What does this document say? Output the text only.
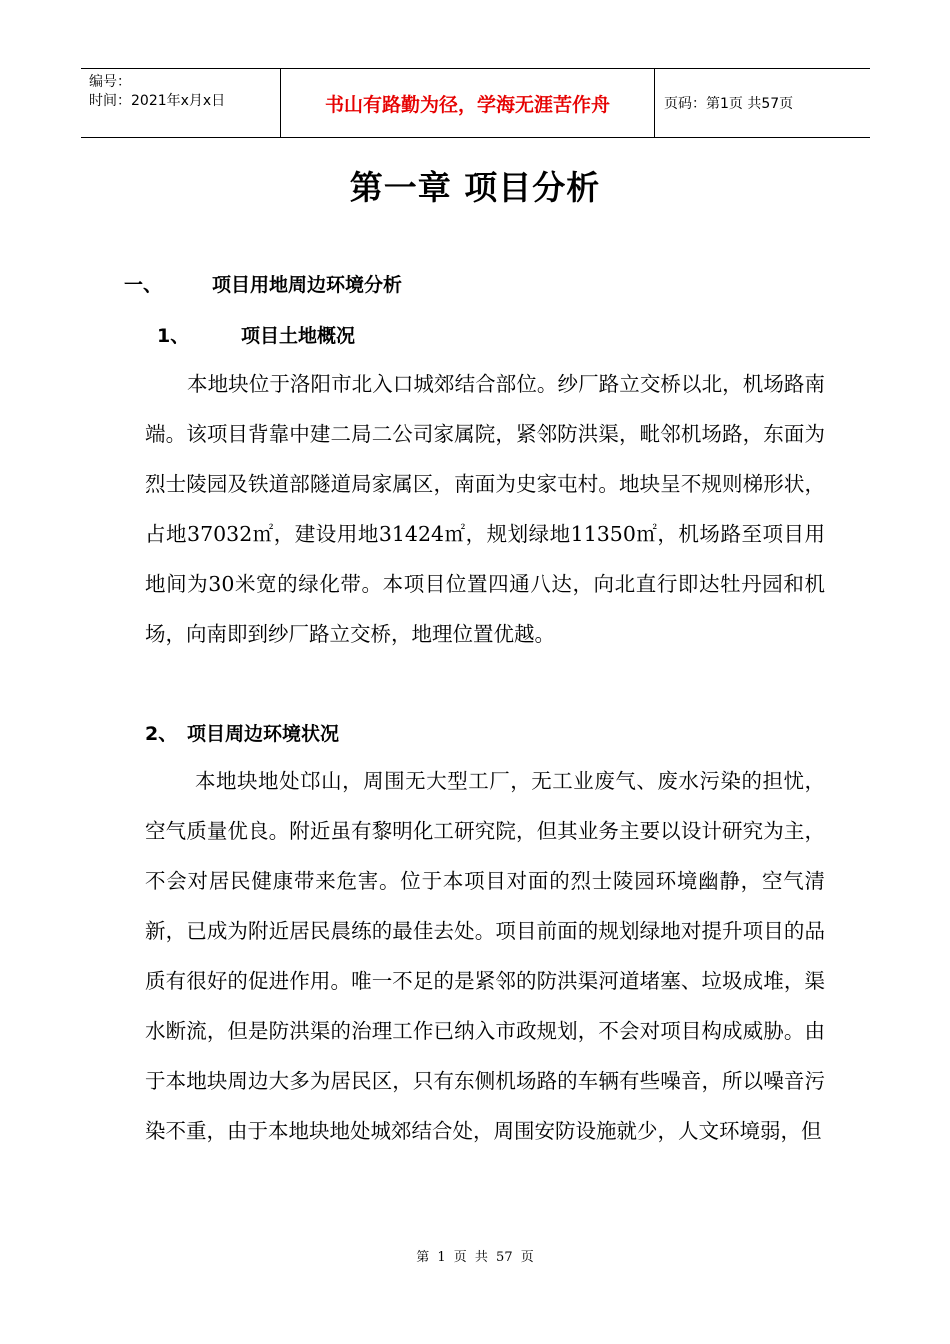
编号：
时间：2021年x月x日	书山有路勤为径，学海无涯苦作舟	页码：第1页 共57页
第一章 项目分析
一、	项目用地周边环境分析
1、	项目土地概况
本地块位于洛阳市北入口城郊结合部位。纱厂路立交桥以北，机场路南端。该项目背靠中建二局二公司家属院，紧邻防洪渠，毗邻机场路，东面为烈士陵园及铁道部隧道局家属区，南面为史家屯村。地块呈不规则梯形状，占地37032㎡，建设用地31424㎡，规划绿地11350㎡，机场路至项目用地间为30米宽的绿化带。本项目位置四通八达，向北直行即达牡丹园和机场，向南即到纱厂路立交桥，地理位置优越。
2、 项目周边环境状况
本地块地处邙山，周围无大型工厂，无工业废气、废水污染的担忧，空气质量优良。附近虽有黎明化工研究院，但其业务主要以设计研究为主，不会对居民健康带来危害。位于本项目对面的烈士陵园环境幽静，空气清新，已成为附近居民晨练的最佳去处。项目前面的规划绿地对提升项目的品质有很好的促进作用。唯一不足的是紧邻的防洪渠河道堵塞、垃圾成堆，渠水断流，但是防洪渠的治理工作已纳入市政规划，不会对项目构成威胁。由于本地块周边大多为居民区，只有东侧机场路的车辆有些噪音，所以噪音污染不重，由于本地块地处城郊结合处，周围安防设施就少，人文环境弱，但
第 1 页 共 57 页
